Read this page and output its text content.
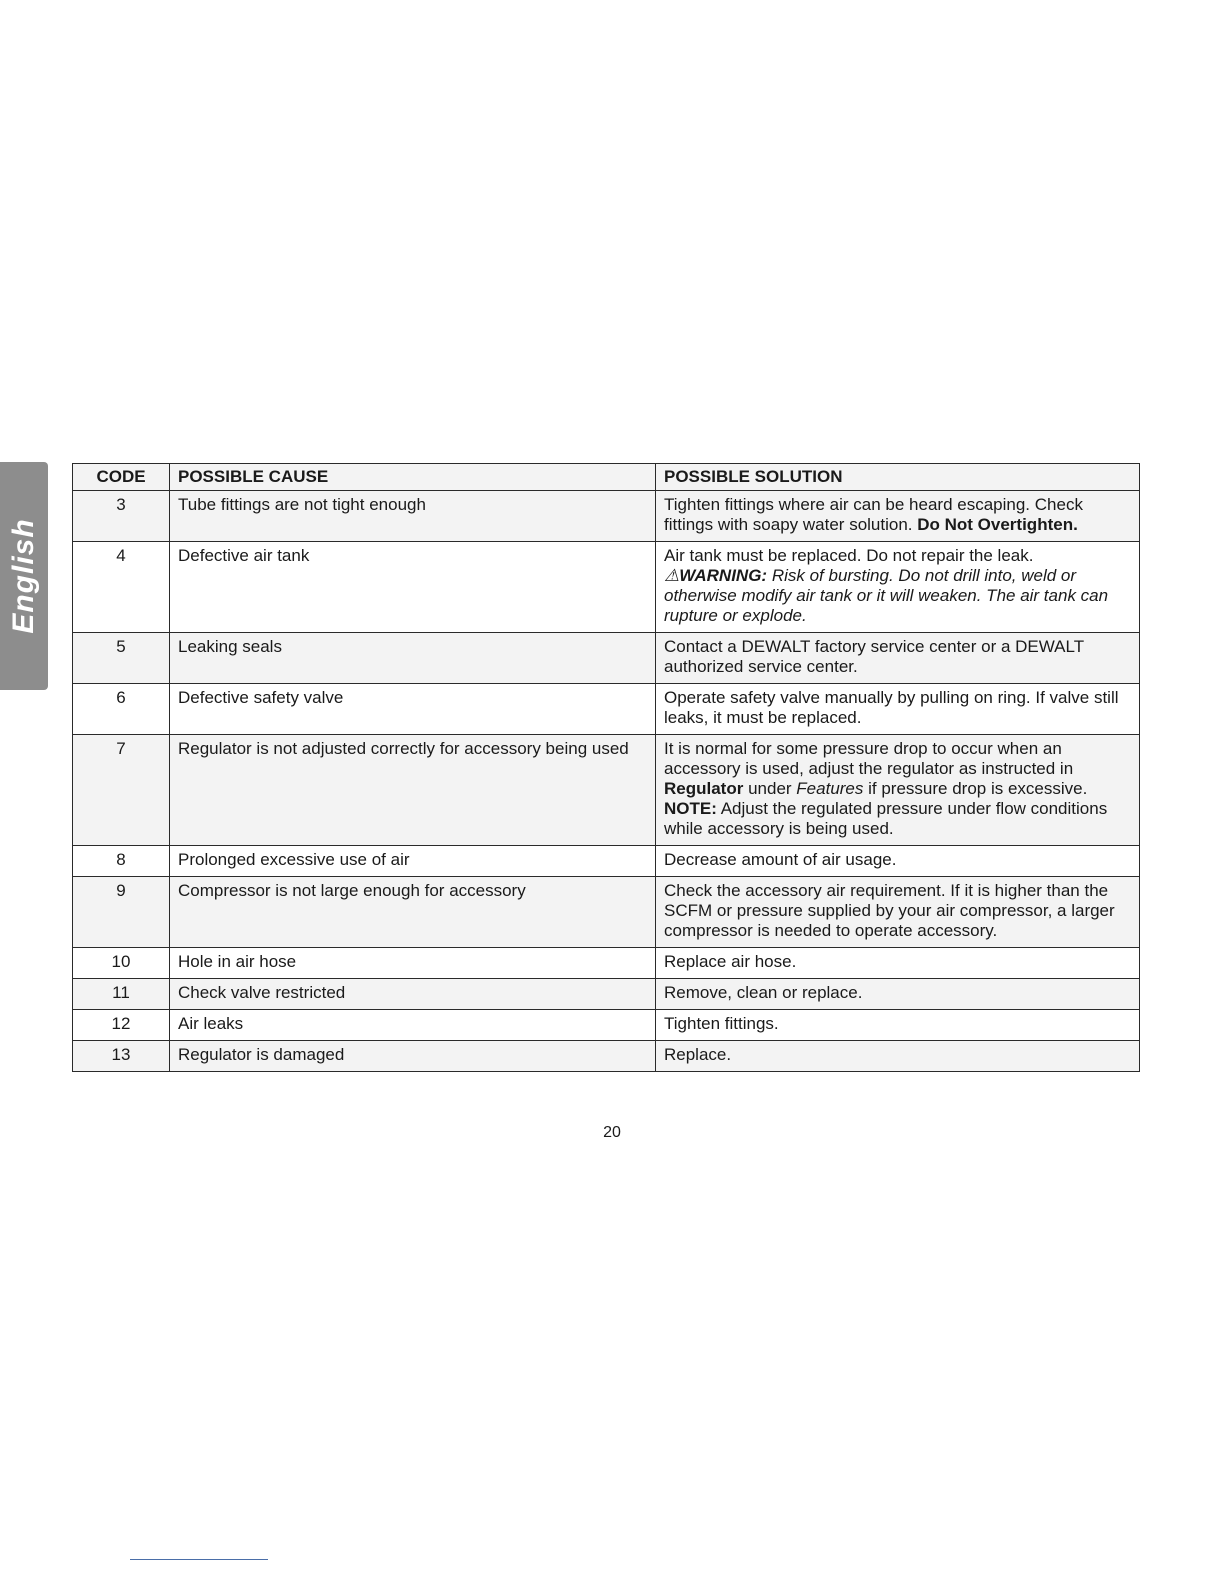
English
CODE	POSSIBLE CAUSE	POSSIBLE SOLUTION
3	Tube fittings are not tight enough	Tighten fittings where air can be heard escaping. Check fittings with soapy water solution. Do Not Overtighten.
4	Defective air tank	Air tank must be replaced. Do not repair the leak.
⚠WARNING: Risk of bursting. Do not drill into, weld or otherwise modify air tank or it will weaken. The air tank can rupture or explode.

5	Leaking seals	Contact a DEWALT factory service center or a DEWALT authorized service center.
6	Defective safety valve	Operate safety valve manually by pulling on ring. If valve still leaks, it must be replaced.
7	Regulator is not adjusted correctly for accessory being used	It is normal for some pressure drop to occur when an accessory is used, adjust the regulator as instructed in Regulator under Features if pressure drop is excessive.
NOTE: Adjust the regulated pressure under flow conditions while accessory is being used.

8	Prolonged excessive use of air	Decrease amount of air usage.
9	Compressor is not large enough for accessory	Check the accessory air requirement. If it is higher than the SCFM or pressure supplied by your air compressor, a larger compressor is needed to operate accessory.
10	Hole in air hose	Replace air hose.
11	Check valve restricted	Remove, clean or replace.
12	Air leaks	Tighten fittings.
13	Regulator is damaged	Replace.
20
